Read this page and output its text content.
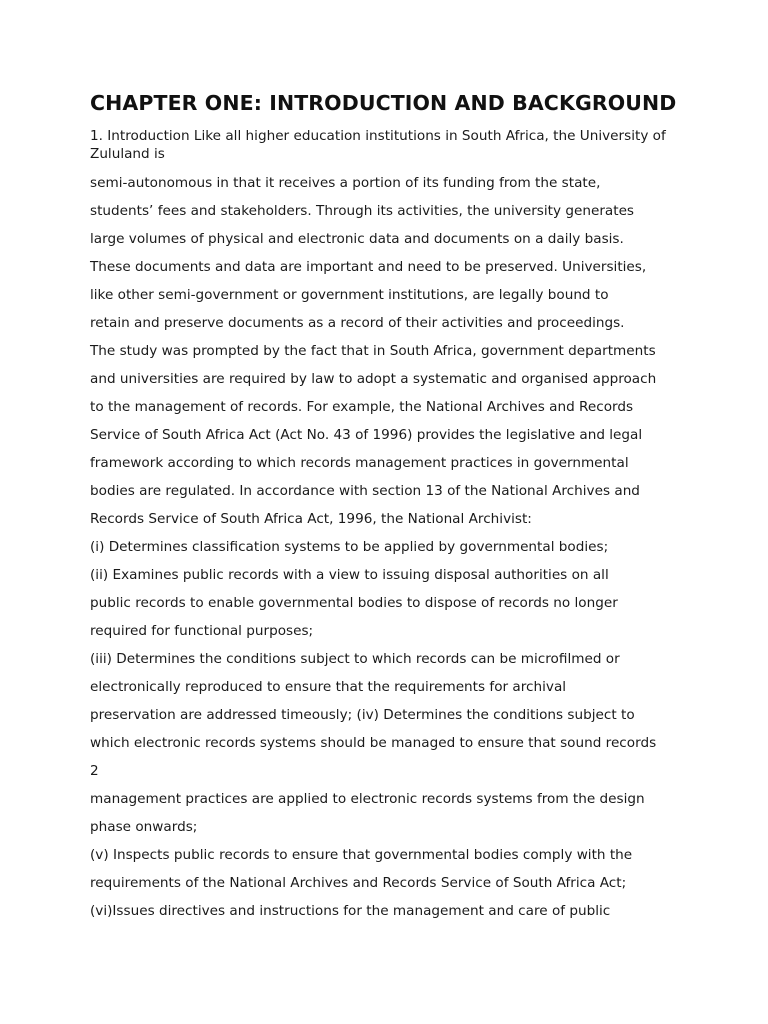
CHAPTER ONE: INTRODUCTION AND BACKGROUND

1. Introduction Like all higher education institutions in South Africa, the University of Zululand is

semi-autonomous in that it receives a portion of its funding from the state,
students’ fees and stakeholders. Through its activities, the university generates
large volumes of physical and electronic data and documents on a daily basis.
These documents and data are important and need to be preserved. Universities,
like other semi-government or government institutions, are legally bound to
retain and preserve documents as a record of their activities and proceedings.
The study was prompted by the fact that in South Africa, government departments
and universities are required by law to adopt a systematic and organised approach
to the management of records. For example, the National Archives and Records
Service of South Africa Act (Act No. 43 of 1996) provides the legislative and legal
framework according to which records management practices in governmental
bodies are regulated. In accordance with section 13 of the National Archives and
Records Service of South Africa Act, 1996, the National Archivist:
(i) Determines classification systems to be applied by governmental bodies;
(ii) Examines public records with a view to issuing disposal authorities on all
public records to enable governmental bodies to dispose of records no longer
required for functional purposes;
(iii) Determines the conditions subject to which records can be microfilmed or
electronically reproduced to ensure that the requirements for archival
preservation are addressed timeously; (iv) Determines the conditions subject to
which electronic records systems should be managed to ensure that sound records
2
management practices are applied to electronic records systems from the design
phase onwards;
(v) Inspects public records to ensure that governmental bodies comply with the
requirements of the National Archives and Records Service of South Africa Act;
(vi)Issues directives and instructions for the management and care of public
